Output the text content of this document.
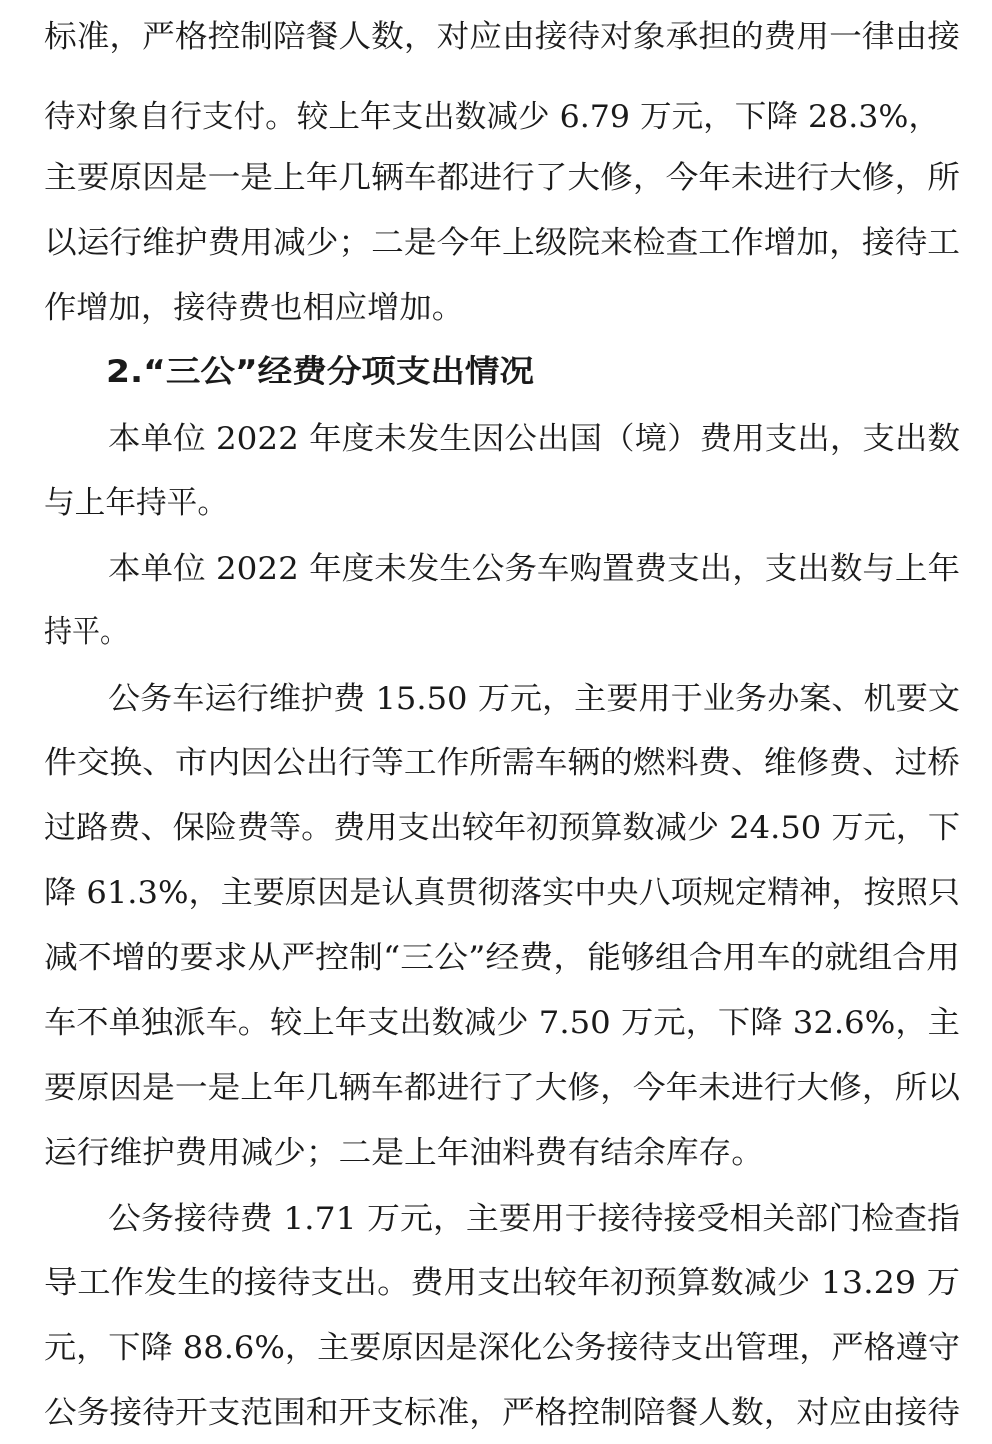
标准，严格控制陪餐人数，对应由接待对象承担的费用一律由接
待对象自行支付。较上年支出数减少 6.79 万元，下降 28.3%，
主要原因是一是上年几辆车都进行了大修，今年未进行大修，所
以运行维护费用减少；二是今年上级院来检查工作增加，接待工
作增加，接待费也相应增加。
2.“三公”经费分项支出情况
本单位 2022 年度未发生因公出国（境）费用支出，支出数
与上年持平。
本单位 2022 年度未发生公务车购置费支出，支出数与上年
持平。
公务车运行维护费 15.50 万元，主要用于业务办案、机要文
件交换、市内因公出行等工作所需车辆的燃料费、维修费、过桥
过路费、保险费等。费用支出较年初预算数减少 24.50 万元，下
降 61.3%，主要原因是认真贯彻落实中央八项规定精神，按照只
减不增的要求从严控制“三公”经费，能够组合用车的就组合用
车不单独派车。较上年支出数减少 7.50 万元，下降 32.6%，主
要原因是一是上年几辆车都进行了大修，今年未进行大修，所以
运行维护费用减少；二是上年油料费有结余库存。
公务接待费 1.71 万元，主要用于接待接受相关部门检查指
导工作发生的接待支出。费用支出较年初预算数减少 13.29 万
元，下降 88.6%，主要原因是深化公务接待支出管理，严格遵守
公务接待开支范围和开支标准，严格控制陪餐人数，对应由接待
